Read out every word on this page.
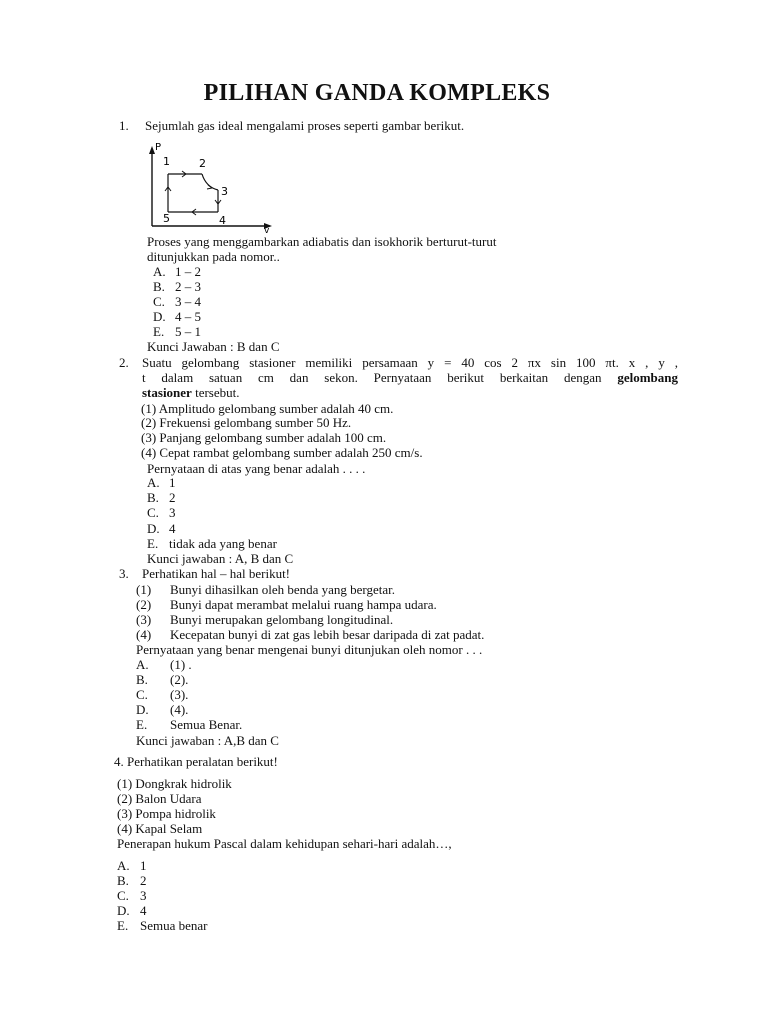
PILIHAN GANDA KOMPLEKS
1. Sejumlah gas ideal mengalami proses seperti gambar berikut.
P
v
1	2
3
4
5
Proses yang menggambarkan adiabatis dan isokhorik berturut-turut
ditunjukkan pada nomor..
A. 1 – 2
B. 2 – 3
C. 3 – 4
D. 4 – 5
E. 5 – 1
Kunci Jawaban : B dan C
2. Suatu gelombang stasioner memiliki persamaan y = 40 cos 2 πx sin 100 πt. x , y ,
t dalam satuan cm dan sekon. Pernyataan berikut berkaitan dengan gelombang
stasioner tersebut.
(1) Amplitudo gelombang sumber adalah 40 cm.
(2) Frekuensi gelombang sumber 50 Hz.
(3) Panjang gelombang sumber adalah 100 cm.
(4) Cepat rambat gelombang sumber adalah 250 cm/s.
Pernyataan di atas yang benar adalah . . . .
A. 1
B. 2
C. 3
D. 4
E. tidak ada yang benar
Kunci jawaban : A, B dan C
3. Perhatikan hal – hal berikut!
(1) Bunyi dihasilkan oleh benda yang bergetar.
(2) Bunyi dapat merambat melalui ruang hampa udara.
(3) Bunyi merupakan gelombang longitudinal.
(4) Kecepatan bunyi di zat gas lebih besar daripada di zat padat.
Pernyataan yang benar mengenai bunyi ditunjukan oleh nomor . . .
A. (1) .
B. (2).
C. (3).
D. (4).
E. Semua Benar.
Kunci jawaban : A,B dan C
4. Perhatikan peralatan berikut!
(1) Dongkrak hidrolik
(2) Balon Udara
(3) Pompa hidrolik
(4) Kapal Selam
Penerapan hukum Pascal dalam kehidupan sehari-hari adalah…,
A. 1
B. 2
C. 3
D. 4
E. Semua benar
